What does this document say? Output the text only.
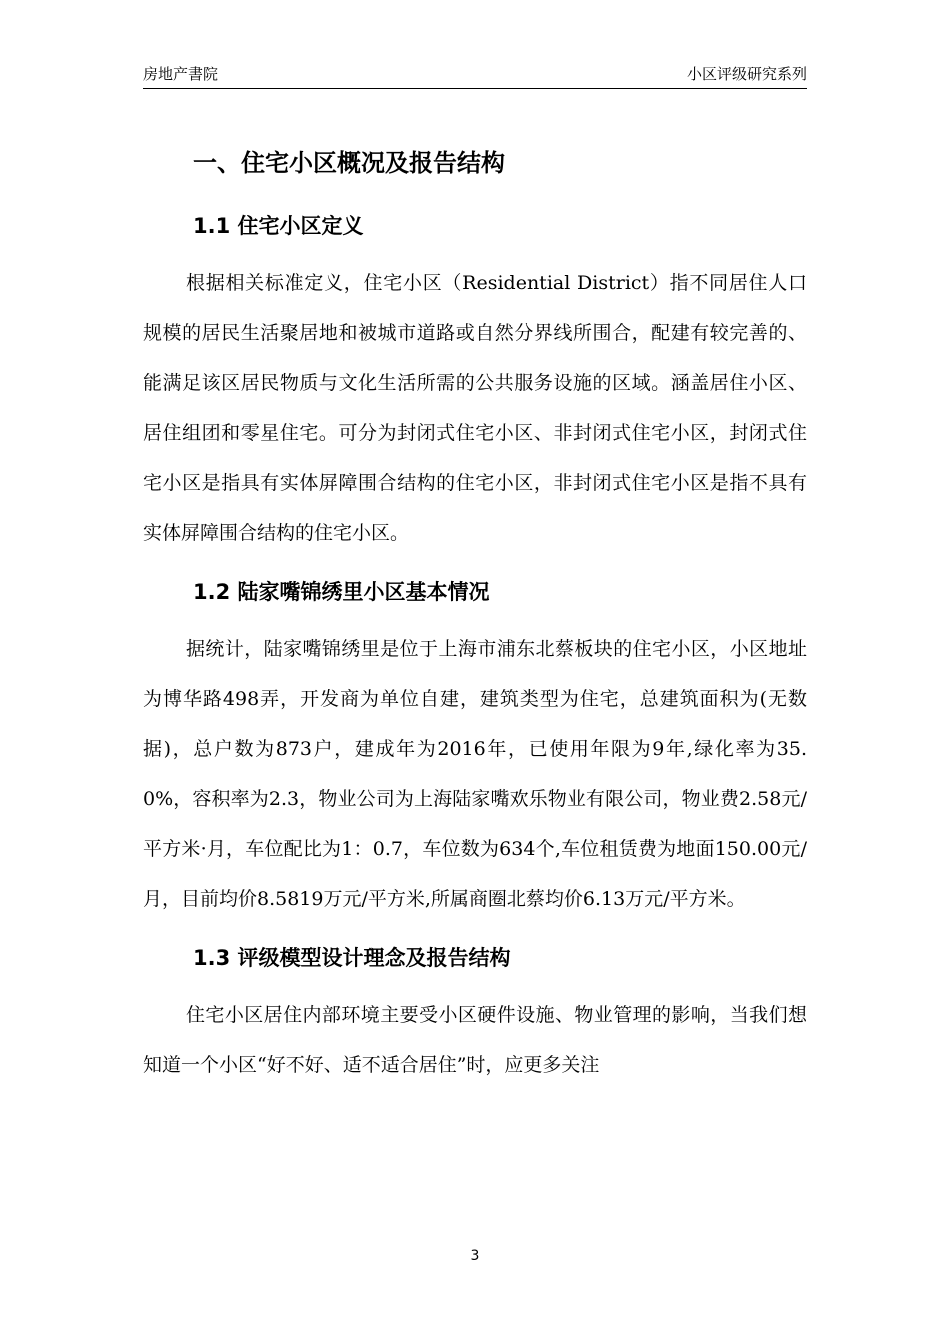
房地产書院	小区评级研究系列
一、住宅小区概况及报告结构
1.1 住宅小区定义
根据相关标准定义，住宅小区（Residential District）指不同居住人口规模的居民生活聚居地和被城市道路或自然分界线所围合，配建有较完善的、能满足该区居民物质与文化生活所需的公共服务设施的区域。涵盖居住小区、居住组团和零星住宅。可分为封闭式住宅小区、非封闭式住宅小区，封闭式住宅小区是指具有实体屏障围合结构的住宅小区，非封闭式住宅小区是指不具有实体屏障围合结构的住宅小区。
1.2 陆家嘴锦绣里小区基本情况
据统计，陆家嘴锦绣里是位于上海市浦东北蔡板块的住宅小区，小区地址为博华路498弄，开发商为单位自建，建筑类型为住宅，总建筑面积为(无数据)，总户数为873户，建成年为2016年，已使用年限为9年,绿化率为35.0%，容积率为2.3，物业公司为上海陆家嘴欢乐物业有限公司，物业费2.58元/平方米·月，车位配比为1：0.7，车位数为634个,车位租赁费为地面150.00元/月，目前均价8.5819万元/平方米,所属商圈北蔡均价6.13万元/平方米。
1.3 评级模型设计理念及报告结构
住宅小区居住内部环境主要受小区硬件设施、物业管理的影响，当我们想知道一个小区“好不好、适不适合居住”时，应更多关注
3
